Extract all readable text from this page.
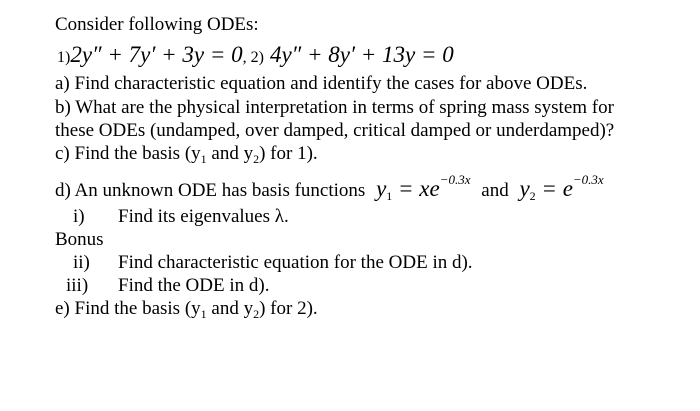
Consider following ODEs:
1)2y″ + 7y′ + 3y = 0, 2) 4y″ + 8y′ + 13y = 0
a) Find characteristic equation and identify the cases for above ODEs.
b) What are the physical interpretation in terms of spring mass system for
these ODEs (undamped, over damped, critical damped or underdamped)?
c) Find the basis ($y_1$ and $y_2$) for 1).
d) An unknown ODE has basis functions $y1 = xe^{-0.3x}$ and $y2 = e^{-0.3x}$
i) Find its eigenvalues λ.
Bonus
ii) Find characteristic equation for the ODE in d).
iii) Find the ODE in d).
e) Find the basis ($y_1$ and $y_2$) for 2).
